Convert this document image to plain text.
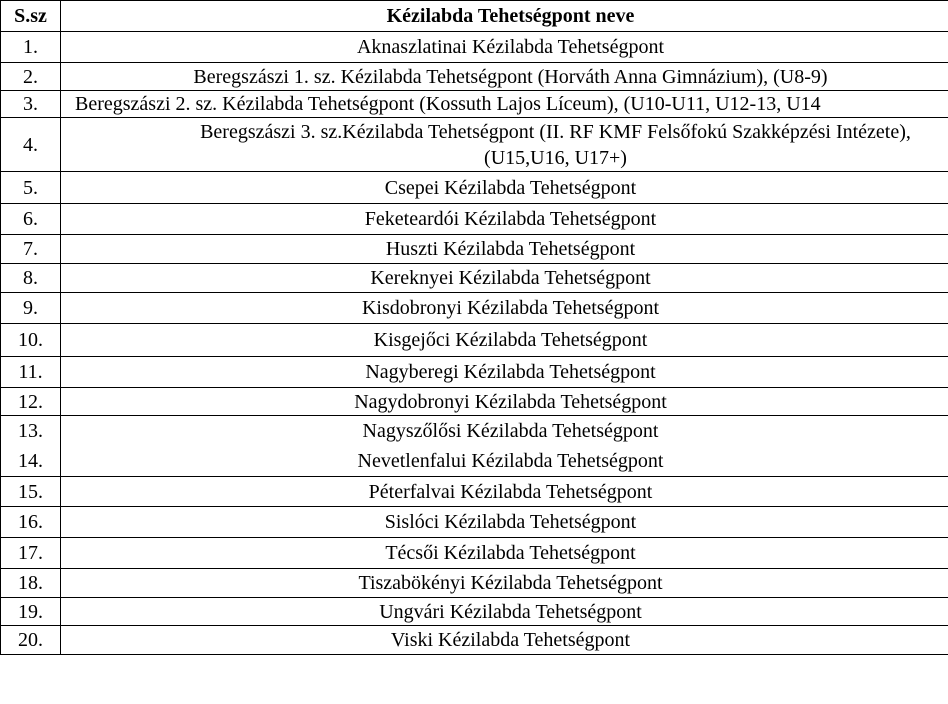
S.sz	Kézilabda Tehetségpont neve
1.	Aknaszlatinai Kézilabda Tehetségpont
2.	Beregszászi 1. sz. Kézilabda Tehetségpont (Horváth Anna Gimnázium), (U8-9)
3.	Beregszászi 2. sz. Kézilabda Tehetségpont (Kossuth Lajos Líceum), (U10-U11, U12-13, U14
4.	Beregszászi 3. sz.Kézilabda Tehetségpont (II. RF KMF Felsőfokú Szakképzési Intézete), (U15,U16, U17+)
5.	Csepei Kézilabda Tehetségpont
6.	Feketeardói Kézilabda Tehetségpont
7.	Huszti Kézilabda Tehetségpont
8.	Kereknyei Kézilabda Tehetségpont
9.	Kisdobronyi Kézilabda Tehetségpont
10.	Kisgejőci Kézilabda Tehetségpont
11.	Nagyberegi Kézilabda Tehetségpont
12.	Nagydobronyi Kézilabda Tehetségpont
13.	Nagyszőlősi Kézilabda Tehetségpont
14.	Nevetlenfalui Kézilabda Tehetségpont
15.	Péterfalvai Kézilabda Tehetségpont
16.	Sislóci Kézilabda Tehetségpont
17.	Técsői Kézilabda Tehetségpont
18.	Tiszabökényi Kézilabda Tehetségpont
19.	Ungvári Kézilabda Tehetségpont
20.	Viski Kézilabda Tehetségpont
